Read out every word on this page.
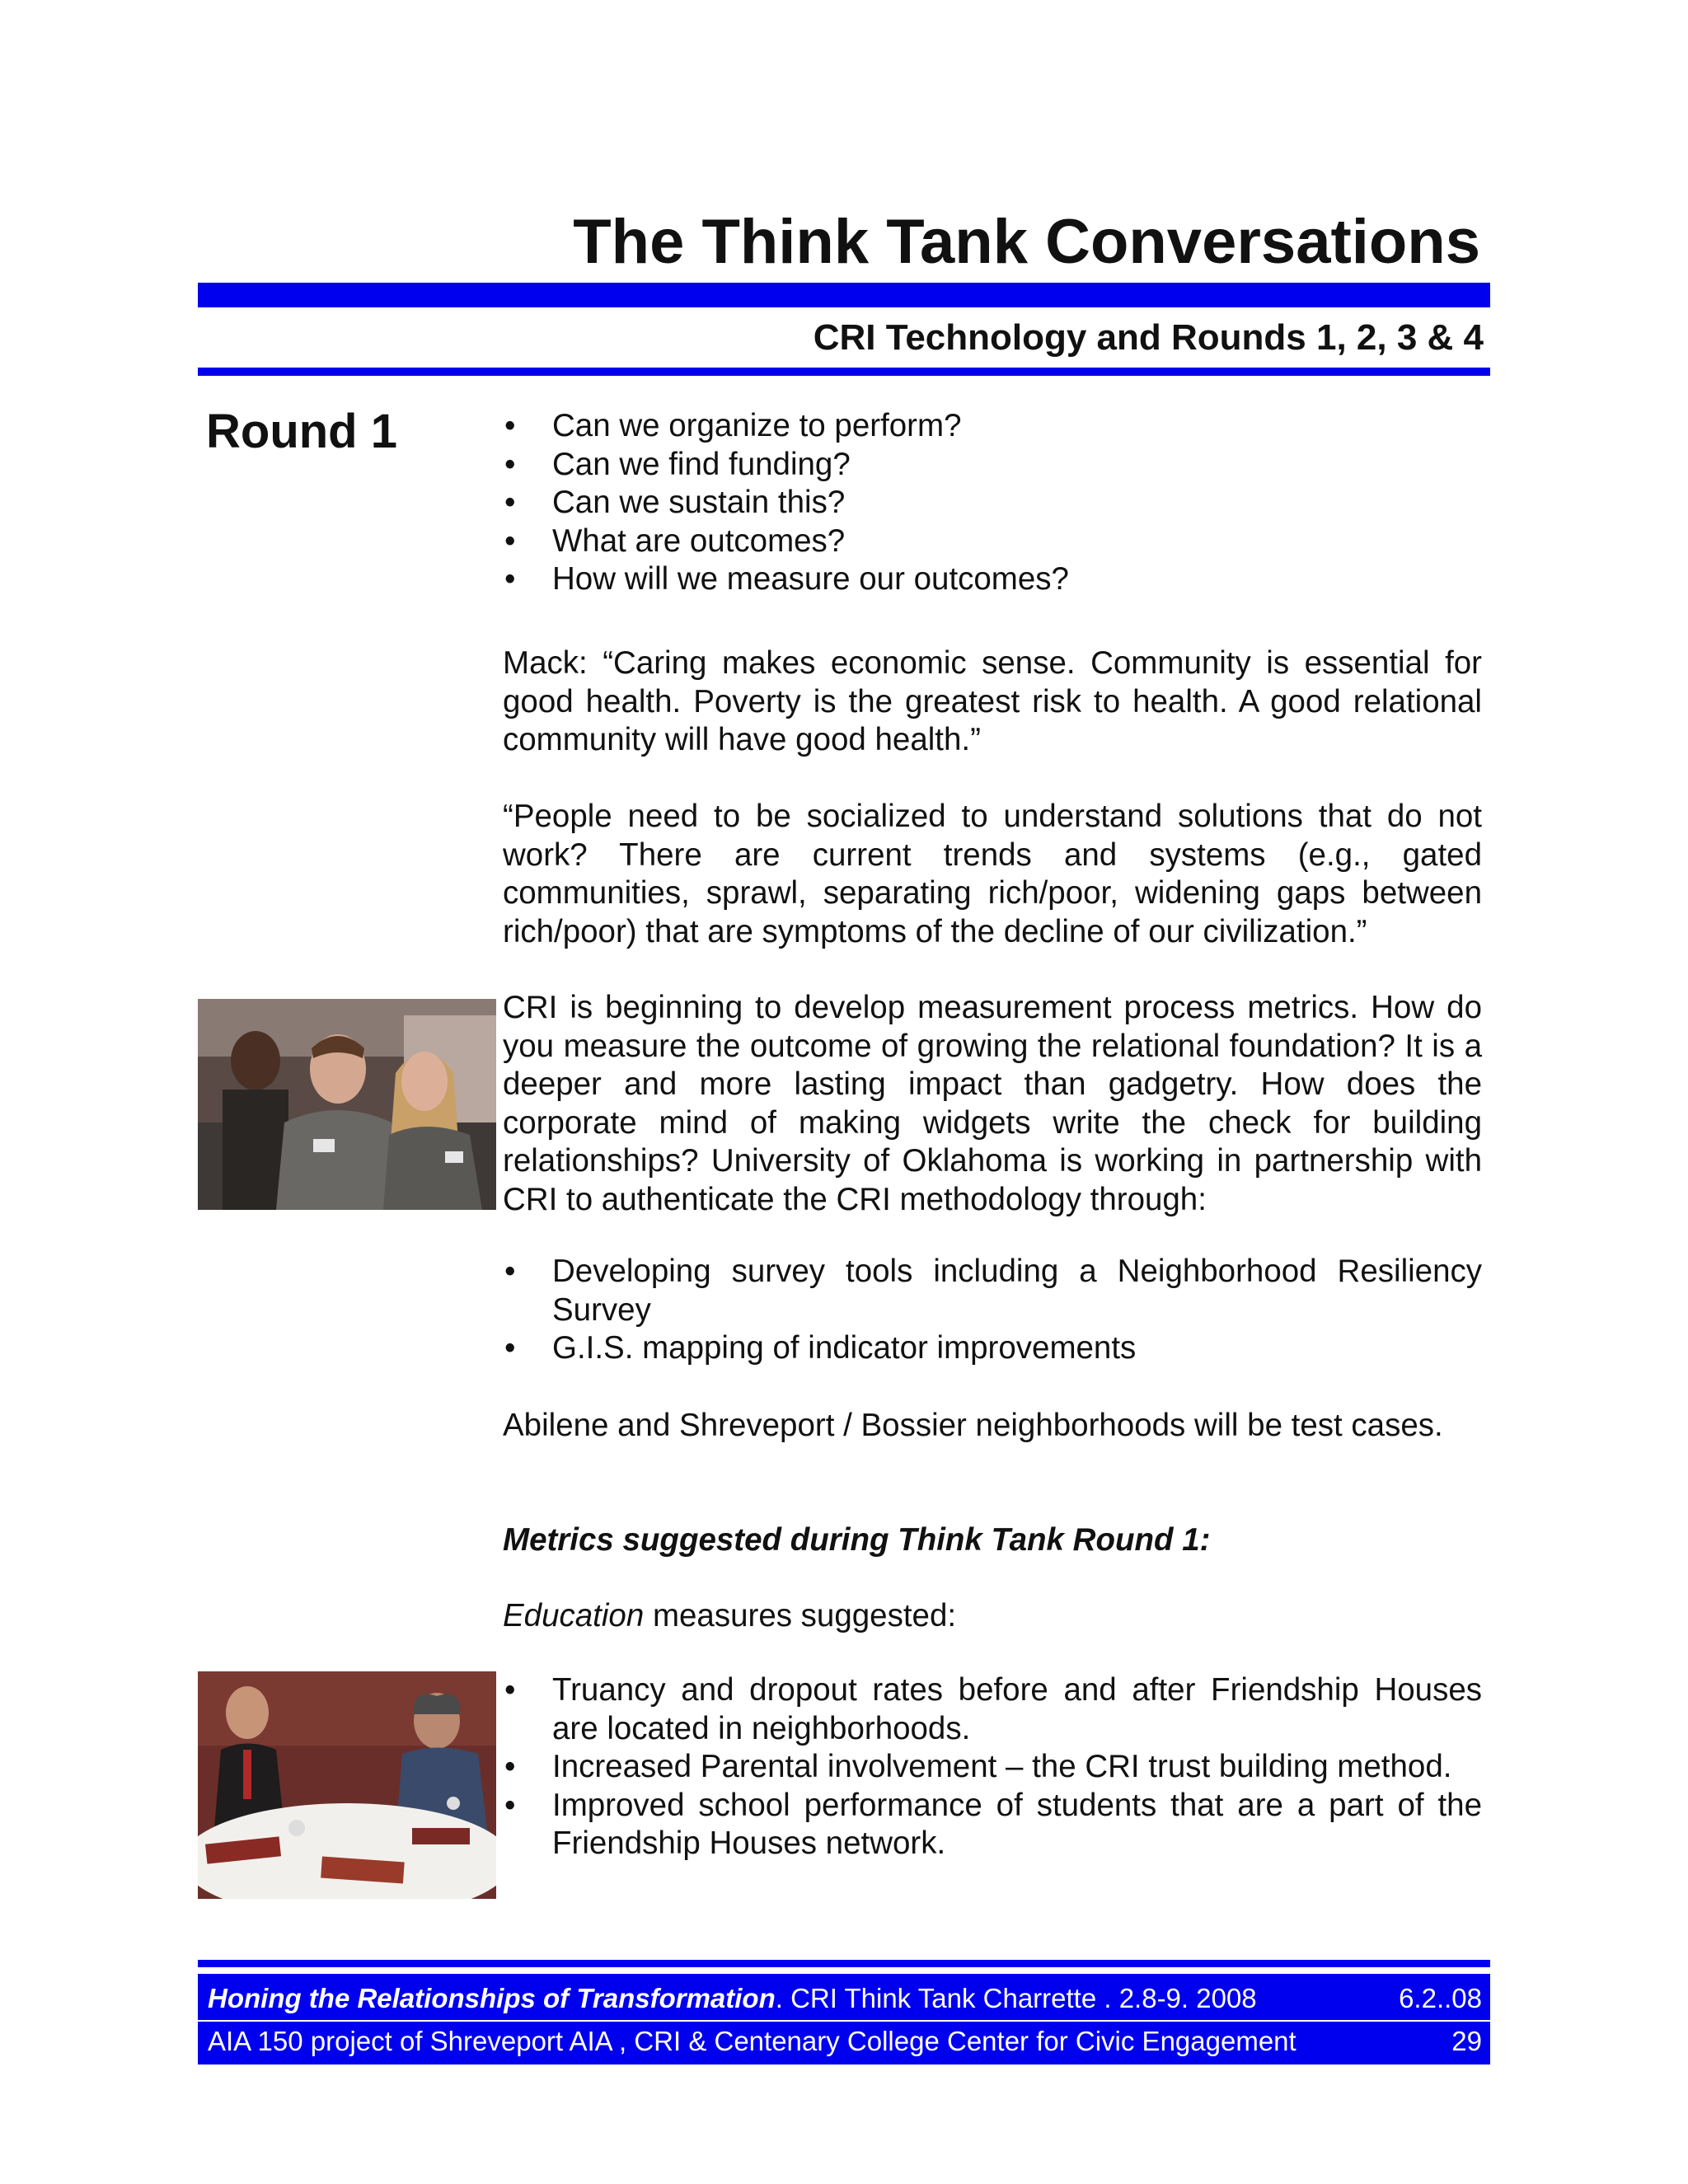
The Think Tank Conversations
CRI Technology and Rounds 1, 2, 3 & 4
Round 1
•	Can we organize to perform?
• Can we find funding?
• Can we sustain this?
• What are outcomes?
• How will we measure our outcomes?

Mack: “Caring makes economic sense. Community is essential for good health. Poverty is the greatest risk to health. A good relational community will have good health.”

“People need to be socialized to understand solutions that do not work? There are current trends and systems (e.g., gated communities, sprawl, separating rich/poor, widening gaps between rich/poor) that are symptoms of the decline of our civilization.”

CRI is beginning to develop measurement process metrics. How do you measure the outcome of growing the relational foundation? It is a deeper and more lasting impact than gadgetry. How does the corporate mind of making widgets write the check for building relationships? University of Oklahoma is working in partnership with CRI to authenticate the CRI methodology through:

• Developing survey tools including a Neighborhood Resiliency Survey
• G.I.S. mapping of indicator improvements

Abilene and Shreveport / Bossier neighborhoods will be test cases.

Metrics suggested during Think Tank Round 1:

Education measures suggested:

• Truancy and dropout rates before and after Friendship Houses are located in neighborhoods.
• Increased Parental involvement – the CRI trust building method.
• Improved school performance of students that are a part of the Friendship Houses network.
Honing the Relationships of Transformation. CRI Think Tank Charrette . 2.8-9. 2008	6.2..08
AIA 150 project of Shreveport AIA , CRI & Centenary College Center for Civic Engagement	29
